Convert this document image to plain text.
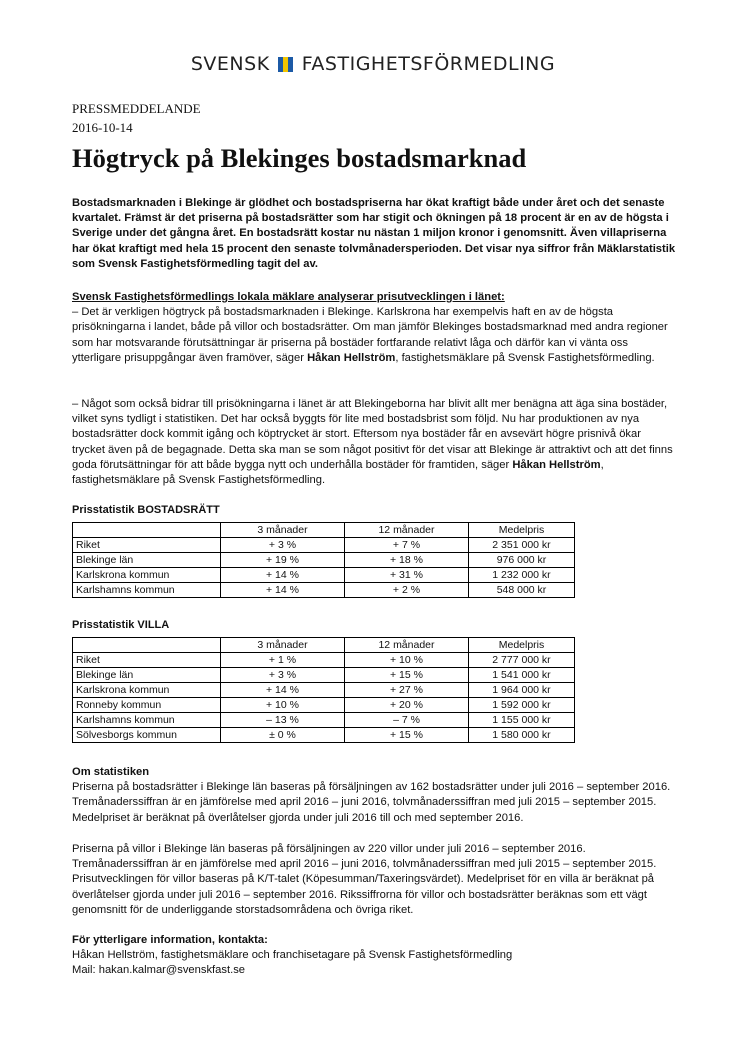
SVENSK FASTIGHETSFÖRMEDLING
PRESSMEDDELANDE
2016-10-14
Högtryck på Blekinges bostadsmarknad
Bostadsmarknaden i Blekinge är glödhet och bostadspriserna har ökat kraftigt både under året och det senaste kvartalet. Främst är det priserna på bostadsrätter som har stigit och ökningen på 18 procent är en av de högsta i Sverige under det gångna året. En bostadsrätt kostar nu nästan 1 miljon kronor i genomsnitt. Även villapriserna har ökat kraftigt med hela 15 procent den senaste tolvmånadersperioden. Det visar nya siffror från Mäklarstatistik som Svensk Fastighetsförmedling tagit del av.

Svensk Fastighetsförmedlings lokala mäklare analyserar prisutvecklingen i länet:

– Det är verkligen högtryck på bostadsmarknaden i Blekinge. Karlskrona har exempelvis haft en av de högsta prisökningarna i landet, både på villor och bostadsrätter. Om man jämför Blekinges bostadsmarknad med andra regioner som har motsvarande förutsättningar är priserna på bostäder fortfarande relativt låga och därför kan vi vänta oss ytterligare prisuppgångar även framöver, säger Håkan Hellström, fastighetsmäklare på Svensk Fastighetsförmedling.

– Något som också bidrar till prisökningarna i länet är att Blekingeborna har blivit allt mer benägna att äga sina bostäder, vilket syns tydligt i statistiken. Det har också byggts för lite med bostadsbrist som följd. Nu har produktionen av nya bostadsrätter dock kommit igång och köptrycket är stort. Eftersom nya bostäder får en avsevärt högre prisnivå ökar trycket även på de begagnade. Detta ska man se som något positivt för det visar att Blekinge är attraktivt och att det finns goda förutsättningar för att både bygga nytt och underhålla bostäder för framtiden, säger Håkan Hellström, fastighetsmäklare på Svensk Fastighetsförmedling.

Prisstatistik BOSTADSRÄTT
	3 månader	12 månader	Medelpris
Riket	+ 3 %	+ 7 %	2 351 000 kr
Blekinge län	+ 19 %	+ 18 %	976 000 kr
Karlskrona kommun	+ 14 %	+ 31 %	1 232 000 kr
Karlshamns kommun	+ 14 %	+ 2 %	548 000 kr
Prisstatistik VILLA
	3 månader	12 månader	Medelpris
Riket	+ 1 %	+ 10 %	2 777 000 kr
Blekinge län	+ 3 %	+ 15 %	1 541 000 kr
Karlskrona kommun	+ 14 %	+ 27 %	1 964 000 kr
Ronneby kommun	+ 10 %	+ 20 %	1 592 000 kr
Karlshamns kommun	– 13 %	– 7 %	1 155 000 kr
Sölvesborgs kommun	± 0 %	+ 15 %	1 580 000 kr

Om statistiken

Priserna på bostadsrätter i Blekinge län baseras på försäljningen av 162 bostadsrätter under juli 2016 – september 2016. Tremånaderssiffran är en jämförelse med april 2016 – juni 2016, tolvmånaderssiffran med juli 2015 – september 2015. Medelpriset är beräknat på överlåtelser gjorda under juli 2016 till och med september 2016.

Priserna på villor i Blekinge län baseras på försäljningen av 220 villor under juli 2016 – september 2016. Tremånaderssiffran är en jämförelse med april 2016 – juni 2016, tolvmånaderssiffran med juli 2015 – september 2015. Prisutvecklingen för villor baseras på K/T-talet (Köpesumman/Taxeringsvärdet). Medelpriset för en villa är beräknat på överlåtelser gjorda under juli 2016 – september 2016. Rikssiffrorna för villor och bostadsrätter beräknas som ett vägt genomsnitt för de underliggande storstadsområdena och övriga riket.

För ytterligare information, kontakta:

Håkan Hellström, fastighetsmäklare och franchisetagare på Svensk Fastighetsförmedling

Mail: hakan.kalmar@svenskfast.se
